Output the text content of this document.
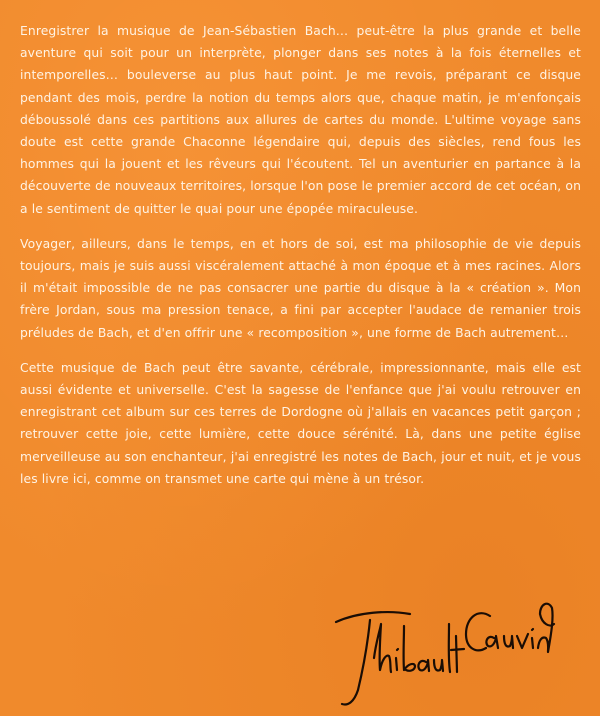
Enregistrer la musique de Jean-Sébastien Bach… peut-être la plus grande et belle aventure qui soit pour un interprète, plonger dans ses notes à la fois éternelles et intemporelles… bouleverse au plus haut point. Je me revois, préparant ce disque pendant des mois, perdre la notion du temps alors que, chaque matin, je m'enfonçais déboussolé dans ces partitions aux allures de cartes du monde. L'ultime voyage sans doute est cette grande Chaconne légendaire qui, depuis des siècles, rend fous les hommes qui la jouent et les rêveurs qui l'écoutent. Tel un aventurier en partance à la découverte de nouveaux territoires, lorsque l'on pose le premier accord de cet océan, on a le sentiment de quitter le quai pour une épopée miraculeuse.

Voyager, ailleurs, dans le temps, en et hors de soi, est ma philosophie de vie depuis toujours, mais je suis aussi viscéralement attaché à mon époque et à mes racines. Alors il m'était impossible de ne pas consacrer une partie du disque à la « création ». Mon frère Jordan, sous ma pression tenace, a fini par accepter l'audace de remanier trois préludes de Bach, et d'en offrir une « recomposition », une forme de Bach autrement…

Cette musique de Bach peut être savante, cérébrale, impressionnante, mais elle est aussi évidente et universelle. C'est la sagesse de l'enfance que j'ai voulu retrouver en enregistrant cet album sur ces terres de Dordogne où j'allais en vacances petit garçon ; retrouver cette joie, cette lumière, cette douce sérénité. Là, dans une petite église merveilleuse au son enchanteur, j'ai enregistré les notes de Bach, jour et nuit, et je vous les livre ici, comme on transmet une carte qui mène à un trésor.
